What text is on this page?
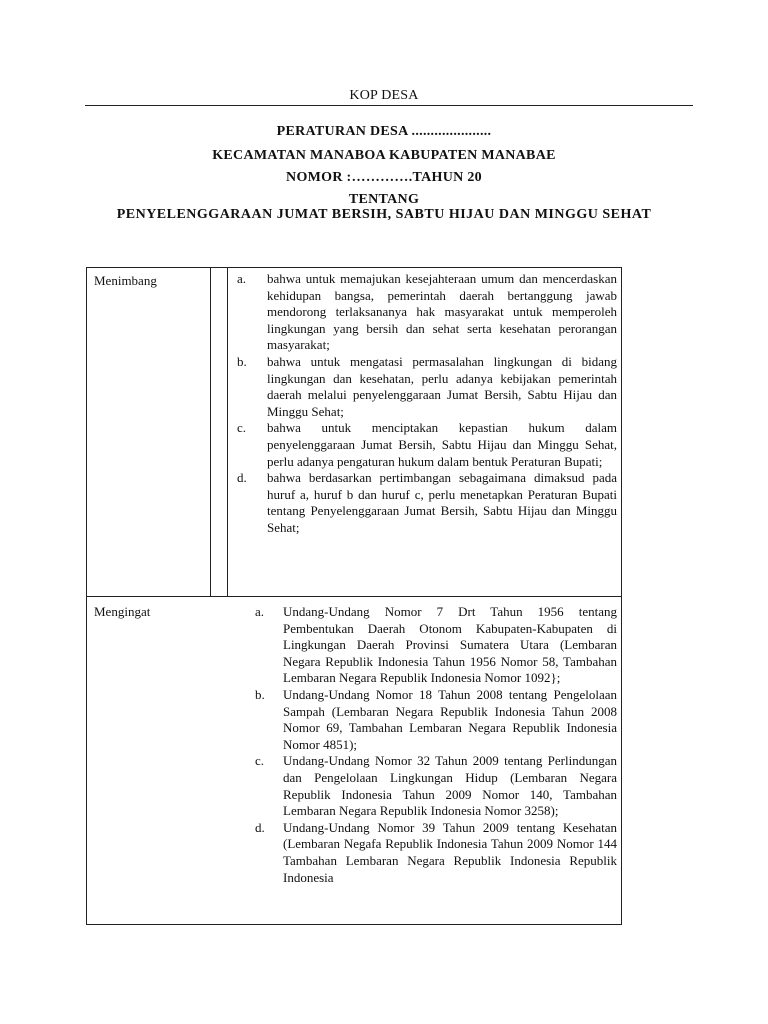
KOP DESA
PERATURAN DESA .....................
KECAMATAN MANABOA KABUPATEN MANABAE
NOMOR :………….TAHUN 20
TENTANG
PENYELENGGARAAN JUMAT BERSIH, SABTU HIJAU DAN MINGGU SEHAT
Menimbang	a.	bahwa untuk memajukan kesejahteraan umum dan mencerdaskan kehidupan bangsa, pemerintah daerah bertanggung jawab mendorong terlaksananya hak masyarakat untuk memperoleh lingkungan yang bersih dan sehat serta kesehatan perorangan masyarakat;
b.	bahwa untuk mengatasi permasalahan lingkungan di bidang lingkungan dan kesehatan, perlu adanya kebijakan pemerintah daerah melalui penyelenggaraan Jumat Bersih, Sabtu Hijau dan Minggu Sehat;
c.	bahwa untuk menciptakan kepastian hukum dalam penyelenggaraan Jumat Bersih, Sabtu Hijau dan Minggu Sehat, perlu adanya pengaturan hukum dalam bentuk Peraturan Bupati;
d.	bahwa berdasarkan pertimbangan sebagaimana dimaksud pada huruf a, huruf b dan huruf c, perlu menetapkan Peraturan Bupati tentang Penyelenggaraan Jumat Bersih, Sabtu Hijau dan Minggu Sehat;
Mengingat	a.	Undang-Undang Nomor 7 Drt Tahun 1956 tentang Pembentukan Daerah Otonom Kabupaten-Kabupaten di Lingkungan Daerah Provinsi Sumatera Utara (Lembaran Negara Republik Indonesia Tahun 1956 Nomor 58, Tambahan Lembaran Negara Republik Indonesia Nomor 1092};
b.	Undang-Undang Nomor 18 Tahun 2008 tentang Pengelolaan Sampah (Lembaran Negara Republik Indonesia Tahun 2008 Nomor 69, Tambahan Lembaran Negara Republik Indonesia Nomor 4851);
c.	Undang-Undang Nomor 32 Tahun 2009 tentang Perlindungan dan Pengelolaan Lingkungan Hidup (Lembaran Negara Republik Indonesia Tahun 2009 Nomor 140, Tambahan Lembaran Negara Republik Indonesia Nomor 3258);
d.	Undang-Undang Nomor 39 Tahun 2009 tentang Kesehatan (Lembaran Negafa Republik Indonesia Tahun 2009 Nomor 144 Tambahan Lembaran Negara Republik Indonesia Republik Indonesia
